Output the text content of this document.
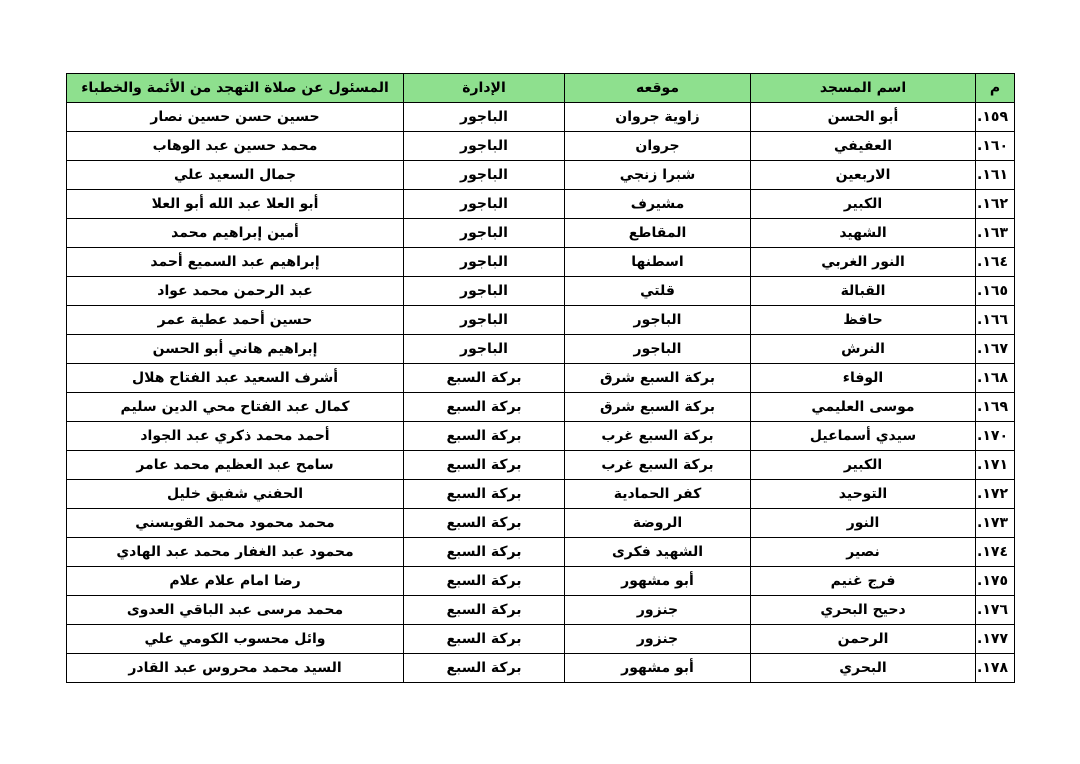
م	اسم المسجد	موقعه	الإدارة	المسئول عن صلاة التهجد من الأئمة والخطباء
١٥٩.	أبو الحسن	زاوية جروان	الباجور	حسين حسن حسين نصار
١٦٠.	العفيفي	جروان	الباجور	محمد حسين عبد الوهاب
١٦١.	الاربعين	شبرا زنجي	الباجور	جمال السعيد علي
١٦٢.	الكبير	مشيرف	الباجور	أبو العلا عبد الله أبو العلا
١٦٣.	الشهيد	المقاطع	الباجور	أمين إبراهيم محمد
١٦٤.	النور الغربي	اسطنها	الباجور	إبراهيم عبد السميع أحمد
١٦٥.	القبالة	قلتي	الباجور	عبد الرحمن محمد عواد
١٦٦.	حافظ	الباجور	الباجور	حسين أحمد عطية عمر
١٦٧.	النرش	الباجور	الباجور	إبراهيم هاني أبو الحسن
١٦٨.	الوفاء	بركة السبع شرق	بركة السبع	أشرف السعيد عبد الفتاح هلال
١٦٩.	موسى العليمي	بركة السبع شرق	بركة السبع	كمال عبد الفتاح محي الدين سليم
١٧٠.	سيدي أسماعيل	بركة السبع غرب	بركة السبع	أحمد محمد ذكري عبد الجواد
١٧١.	الكبير	بركة السبع غرب	بركة السبع	سامح عبد العظيم محمد عامر
١٧٢.	التوحيد	كفر الحمادية	بركة السبع	الحفني شفيق خليل
١٧٣.	النور	الروضة	بركة السبع	محمد محمود محمد القويسني
١٧٤.	نصير	الشهيد فكرى	بركة السبع	محمود عبد الغفار محمد عبد الهادي
١٧٥.	فرج غنيم	أبو مشهور	بركة السبع	رضا امام علام علام
١٧٦.	دحيح البحري	جنزور	بركة السبع	محمد مرسى عبد الباقي العدوى
١٧٧.	الرحمن	جنزور	بركة السبع	وائل محسوب الكومي علي
١٧٨.	البحري	أبو مشهور	بركة السبع	السيد محمد محروس عبد القادر
